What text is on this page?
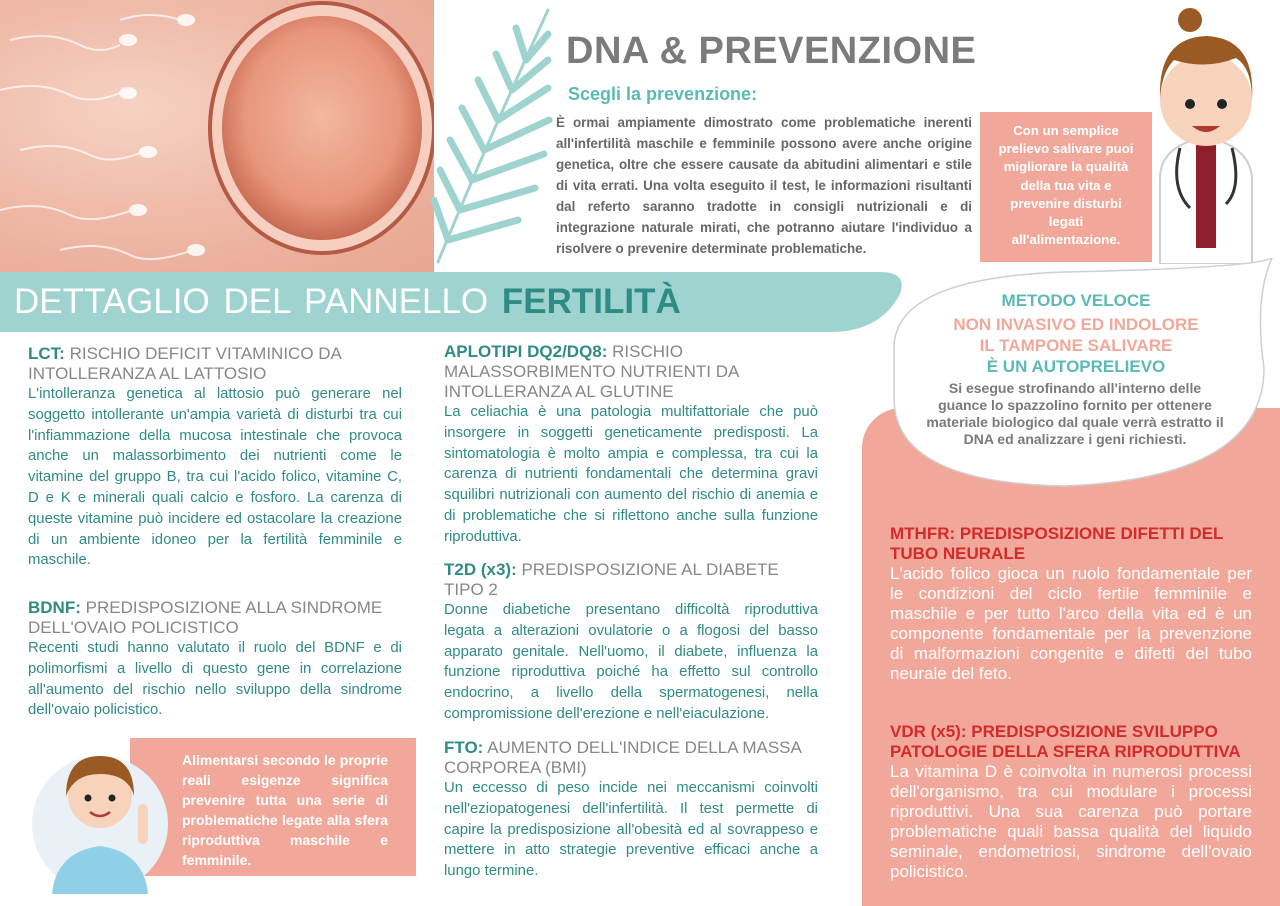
DNA & PREVENZIONE
Scegli la prevenzione:

È ormai ampiamente dimostrato come problematiche inerenti all'infertilità maschile e femminile possono avere anche origine genetica, oltre che essere causate da abitudini alimentari e stile di vita errati. Una volta eseguito il test, le informazioni risultanti dal referto saranno tradotte in consigli nutrizionali e di integrazione naturale mirati, che potranno aiutare l'individuo a risolvere o prevenire determinate problematiche.

Con un semplice prelievo salivare puoi migliorare la qualità della tua vita e prevenire disturbi legati all'alimentazione.
DETTAGLIO DEL PANNELLO FERTILITÀ	METODO VELOCE
NON INVASIVO ED INDOLORE
IL TAMPONE SALIVARE
È UN AUTOPRELIEVO
Si esegue strofinando all'interno delle guance lo spazzolino fornito per ottenere materiale biologico dal quale verrà estratto il DNA ed analizzare i geni richiesti.
LCT: RISCHIO DEFICIT VITAMINICO DA INTOLLERANZA AL LATTOSIO

L'intolleranza genetica al lattosio può generare nel soggetto intollerante un'ampia varietà di disturbi tra cui l'infiammazione della mucosa intestinale che provoca anche un malassorbimento dei nutrienti come le vitamine del gruppo B, tra cui l'acido folico, vitamine C, D e K e minerali quali calcio e fosforo. La carenza di queste vitamine può incidere ed ostacolare la creazione di un ambiente idoneo per la fertilità femminile e maschile.

BDNF: PREDISPOSIZIONE ALLA SINDROME DELL'OVAIO POLICISTICO

Recenti studi hanno valutato il ruolo del BDNF e di polimorfismi a livello di questo gene in correlazione all'aumento del rischio nello sviluppo della sindrome dell'ovaio policistico.

Alimentarsi secondo le proprie reali esigenze significa prevenire tutta una serie di problematiche legate alla sfera riproduttiva maschile e femminile.
APLOTIPI DQ2/DQ8: RISCHIO MALASSORBIMENTO NUTRIENTI DA INTOLLERANZA AL GLUTINE

La celiachia è una patologia multifattoriale che può insorgere in soggetti geneticamente predisposti. La sintomatologia è molto ampia e complessa, tra cui la carenza di nutrienti fondamentali che determina gravi squilibri nutrizionali con aumento del rischio di anemia e di problematiche che si riflettono anche sulla funzione riproduttiva.

T2D (x3): PREDISPOSIZIONE AL DIABETE TIPO 2

Donne diabetiche presentano difficoltà riproduttiva legata a alterazioni ovulatorie o a flogosi del basso apparato genitale. Nell'uomo, il diabete, influenza la funzione riproduttiva poiché ha effetto sul controllo endocrino, a livello della spermatogenesi, nella compromissione dell'erezione e nell'eiaculazione.

FTO: AUMENTO DELL'INDICE DELLA MASSA CORPOREA (BMI)

Un eccesso di peso incide nei meccanismi coinvolti nell'eziopatogenesi dell'infertilità. Il test permette di capire la predisposizione all'obesità ed al sovrappeso e mettere in atto strategie preventive efficaci anche a lungo termine.

MTHFR: PREDISPOSIZIONE DIFETTI DEL TUBO NEURALE

L'acido folico gioca un ruolo fondamentale per le condizioni del ciclo fertile femminile e maschile e per tutto l'arco della vita ed è un componente fondamentale per la prevenzione di malformazioni congenite e difetti del tubo neurale del feto.

VDR (x5): PREDISPOSIZIONE SVILUPPO PATOLOGIE DELLA SFERA RIPRODUTTIVA

La vitamina D è coinvolta in numerosi processi dell'organismo, tra cui modulare i processi riproduttivi. Una sua carenza può portare problematiche quali bassa qualità del liquido seminale, endometriosi, sindrome dell'ovaio policistico.
